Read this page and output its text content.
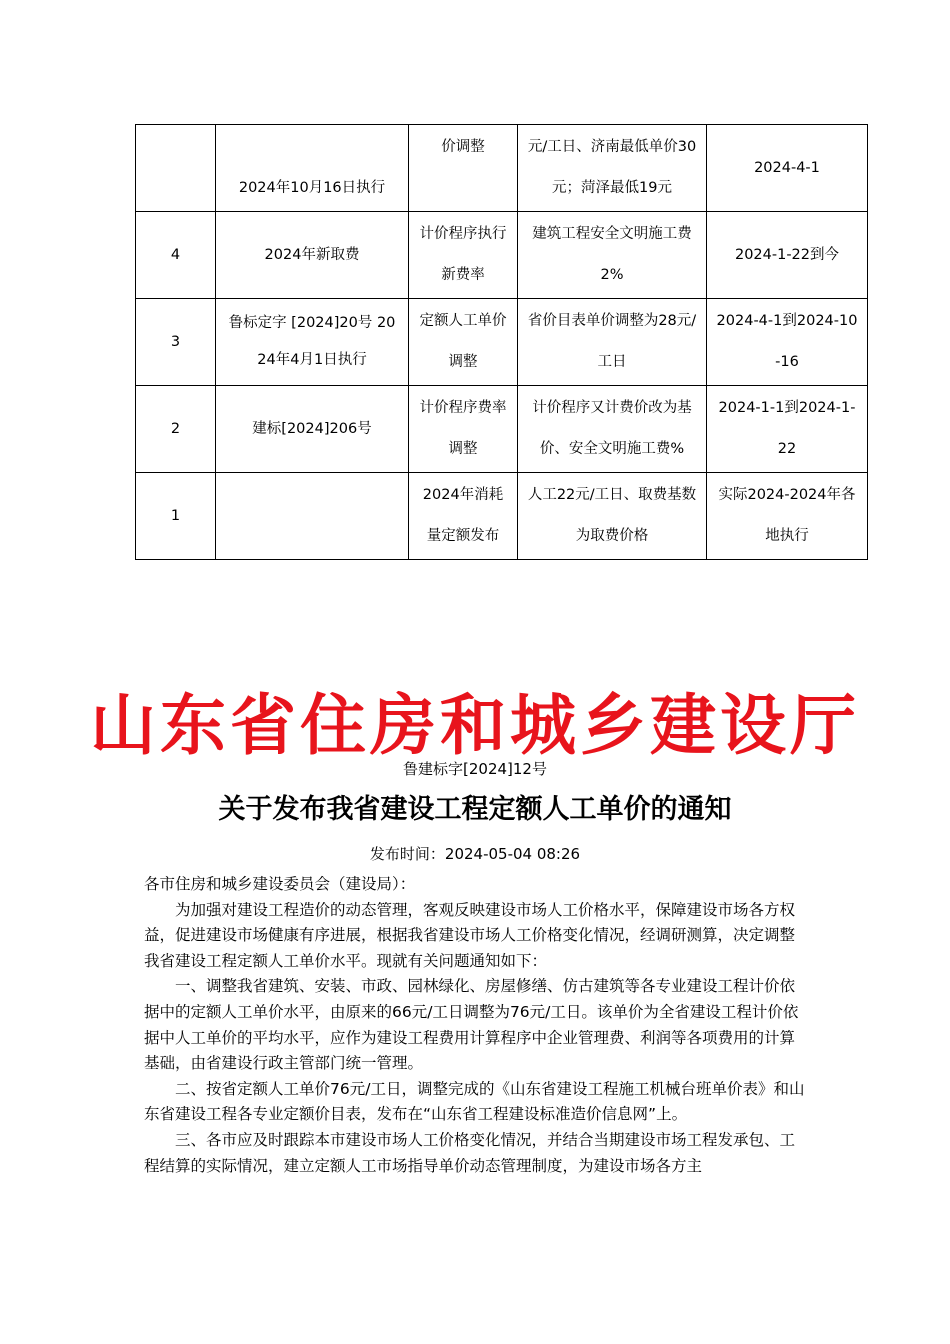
	2024年10月16日执行	价调整	元/工日、济南最低单价30元；菏泽最低19元	2024-4-1
4	2024年新取费	计价程序执行新费率	建筑工程安全文明施工费2%	2024-1-22到今
3	鲁标定字 [2024]20号 2024年4月1日执行	定额人工单价调整	省价目表单价调整为28元/工日	2024-4-1到2024-10-16
2	建标[2024]206号	计价程序费率调整	计价程序又计费价改为基价、安全文明施工费%	2024-1-1到2024-1-22
1		2024年消耗量定额发布	人工22元/工日、取费基数为取费价格	实际2024-2024年各地执行
山东省住房和城乡建设厅
鲁建标字[2024]12号
关于发布我省建设工程定额人工单价的通知
发布时间：2024-05-04 08:26

各市住房和城乡建设委员会（建设局）：

为加强对建设工程造价的动态管理，客观反映建设市场人工价格水平，保障建设市场各方权益，促进建设市场健康有序进展，根据我省建设市场人工价格变化情况，经调研测算，决定调整我省建设工程定额人工单价水平。现就有关问题通知如下：

一、调整我省建筑、安装、市政、园林绿化、房屋修缮、仿古建筑等各专业建设工程计价依据中的定额人工单价水平，由原来的66元/工日调整为76元/工日。该单价为全省建设工程计价依据中人工单价的平均水平，应作为建设工程费用计算程序中企业管理费、利润等各项费用的计算基础，由省建设行政主管部门统一管理。

二、按省定额人工单价76元/工日，调整完成的《山东省建设工程施工机械台班单价表》和山东省建设工程各专业定额价目表，发布在“山东省工程建设标准造价信息网”上。

三、各市应及时跟踪本市建设市场人工价格变化情况，并结合当期建设市场工程发承包、工程结算的实际情况，建立定额人工市场指导单价动态管理制度，为建设市场各方主
